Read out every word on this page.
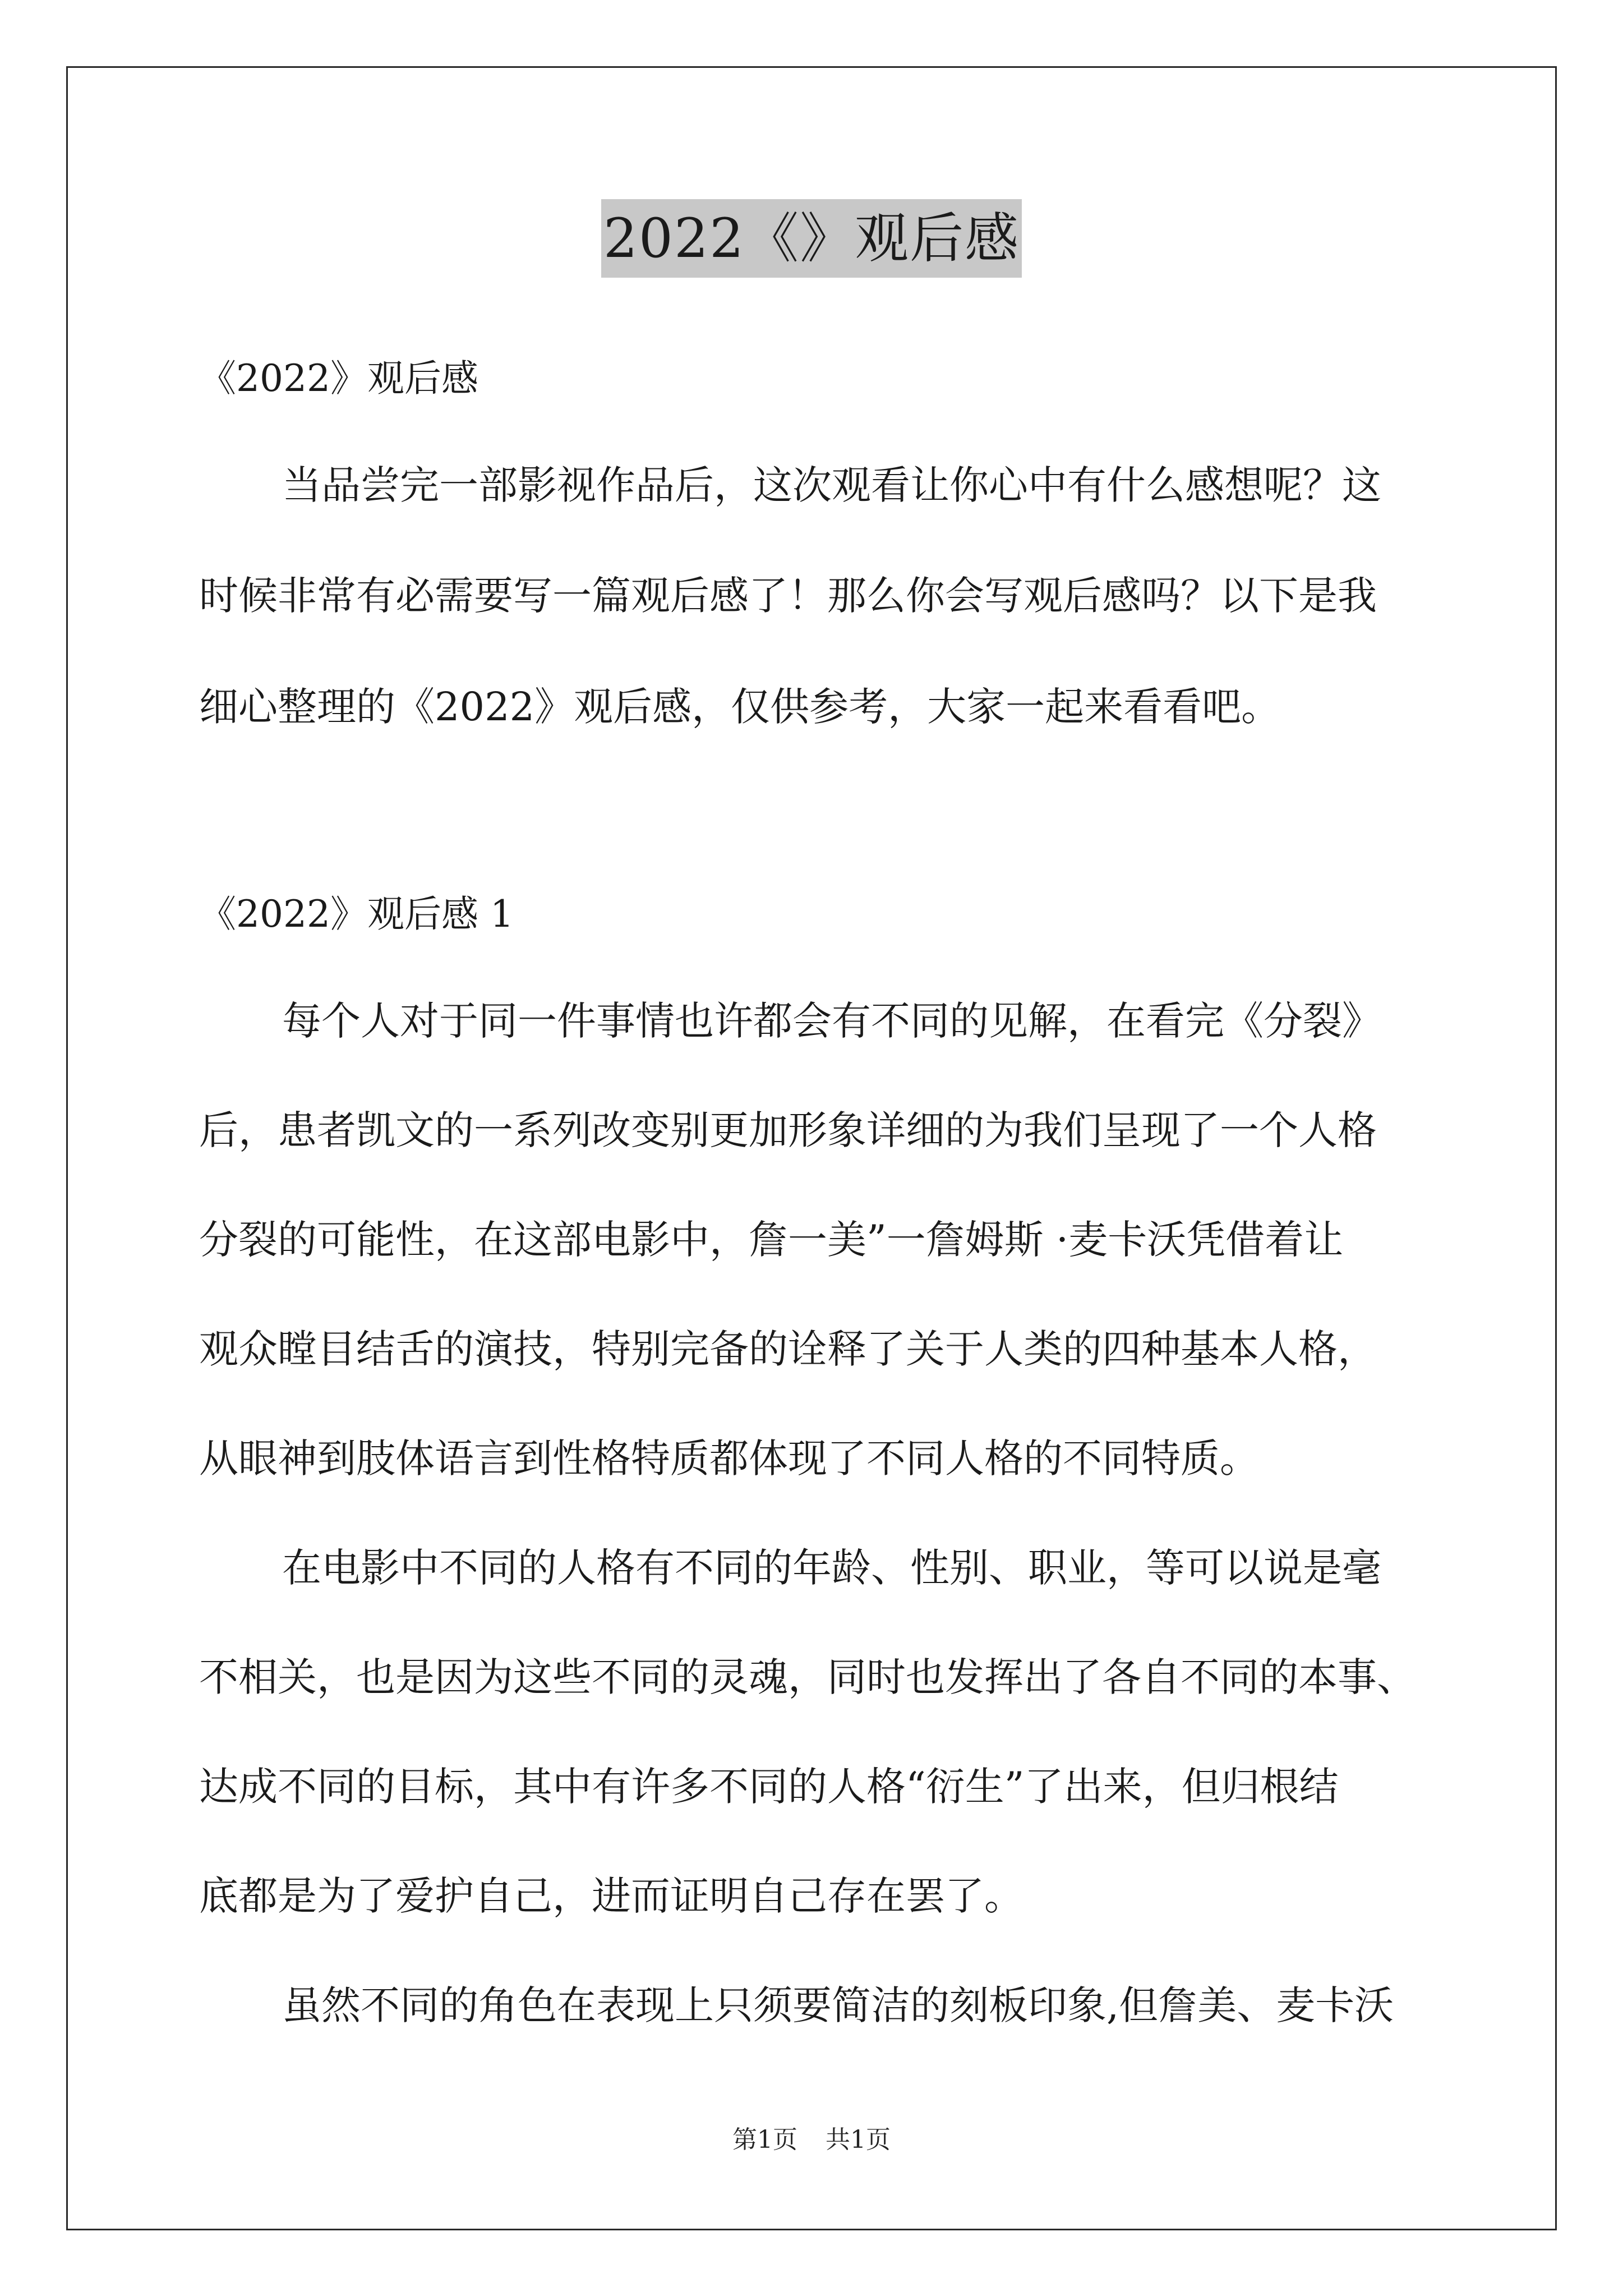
2022《》观后感
《2022》观后感
当品尝完一部影视作品后，这次观看让你心中有什么感想呢？这
时候非常有必需要写一篇观后感了！那么你会写观后感吗？以下是我
细心整理的《2022》观后感，仅供参考，大家一起来看看吧。
《2022》观后感 1
每个人对于同一件事情也许都会有不同的见解，在看完《分裂》
后，患者凯文的一系列改变别更加形象详细的为我们呈现了一个人格
分裂的可能性，在这部电影中，詹一美”一詹姆斯 ·麦卡沃凭借着让
观众瞠目结舌的演技，特别完备的诠释了关于人类的四种基本人格，
从眼神到肢体语言到性格特质都体现了不同人格的不同特质。
在电影中不同的人格有不同的年龄、性别、职业，等可以说是毫
不相关，也是因为这些不同的灵魂，同时也发挥出了各自不同的本事、
达成不同的目标，其中有许多不同的人格“衍生”了出来，但归根结
底都是为了爱护自己，进而证明自己存在罢了。
虽然不同的角色在表现上只须要简洁的刻板印象,但詹美、麦卡沃
第1页 共1页
